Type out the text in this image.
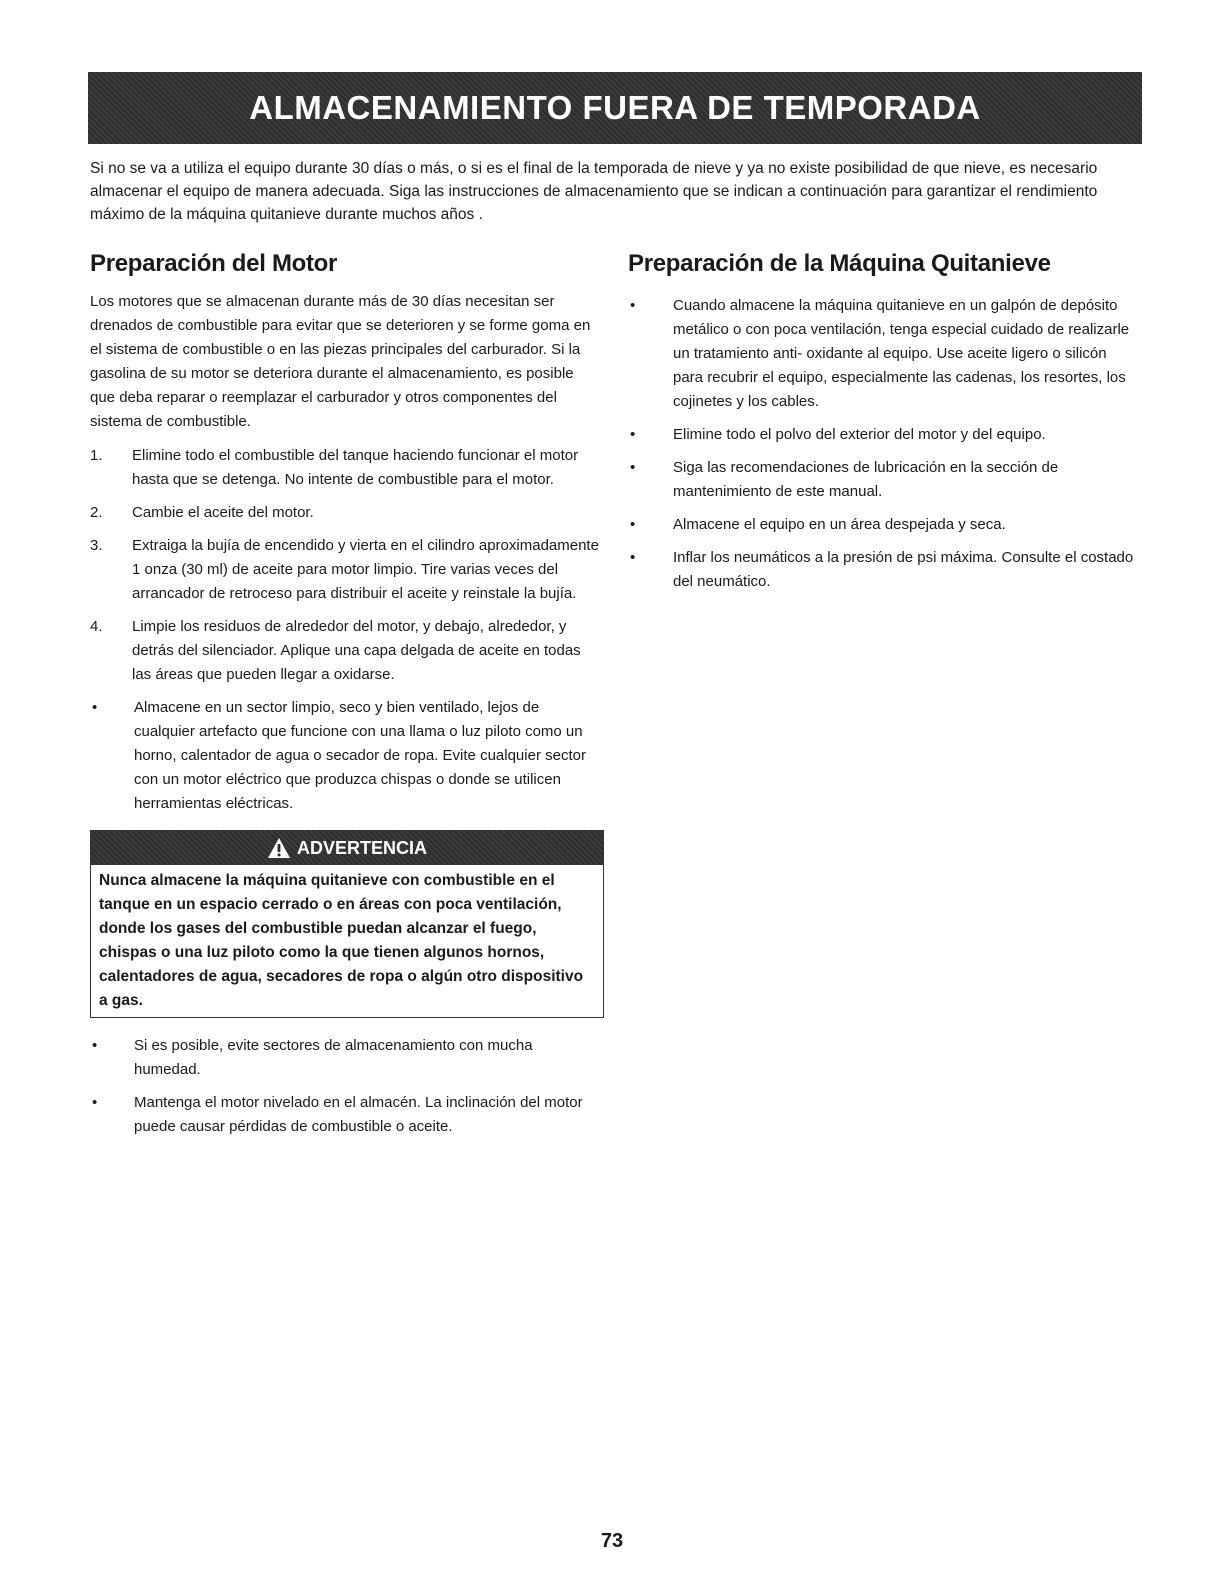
ALMACENAMIENTO FUERA DE TEMPORADA

Si no se va a utiliza el equipo durante 30 días o más, o si es el final de la temporada de nieve y ya no existe posibilidad de que nieve, es necesario almacenar el equipo de manera adecuada. Siga las instrucciones de almacenamiento que se indican a continuación para garantizar el rendimiento máximo de la máquina quitanieve durante muchos años .

Preparación del Motor

Los motores que se almacenan durante más de 30 días necesitan ser drenados de combustible para evitar que se deterioren y se forme goma en el sistema de combustible o en las piezas principales del carburador. Si la gasolina de su motor se deteriora durante el almacenamiento, es posible que deba reparar o reemplazar el carburador y otros componentes del sistema de combustible.

1.	Elimine todo el combustible del tanque haciendo funcionar el motor hasta que se detenga. No intente de combustible para el motor.
2.	Cambie el aceite del motor.
3.	Extraiga la bujía de encendido y vierta en el cilindro aproximadamente 1 onza (30 ml) de aceite para motor limpio. Tire varias veces del arrancador de retroceso para distribuir el aceite y reinstale la bujía.
4.	Limpie los residuos de alrededor del motor, y debajo, alrededor, y detrás del silenciador. Aplique una capa delgada de aceite en todas las áreas que pueden llegar a oxidarse.
•	Almacene en un sector limpio, seco y bien ventilado, lejos de cualquier artefacto que funcione con una llama o luz piloto como un horno, calentador de agua o secador de ropa. Evite cualquier sector con un motor eléctrico que produzca chispas o donde se utilicen herramientas eléctricas.
ADVERTENCIA
Nunca almacene la máquina quitanieve con combustible en el tanque en un espacio cerrado o en áreas con poca ventilación, donde los gases del combustible puedan alcanzar el fuego, chispas o una luz piloto como la que tienen algunos hornos, calentadores de agua, secadores de ropa o algún otro dispositivo a gas.
•	Si es posible, evite sectores de almacenamiento con mucha humedad.
•	Mantenga el motor nivelado en el almacén. La inclinación del motor puede causar pérdidas de combustible o aceite.
Preparación de la Máquina Quitanieve
•	Cuando almacene la máquina quitanieve en un galpón de depósito metálico o con poca ventilación, tenga especial cuidado de realizarle un tratamiento anti- oxidante al equipo. Use aceite ligero o silicón para recubrir el equipo, especialmente las cadenas, los resortes, los cojinetes y los cables.
•	Elimine todo el polvo del exterior del motor y del equipo.
•	Siga las recomendaciones de lubricación en la sección de mantenimiento de este manual.
•	Almacene el equipo en un área despejada y seca.
•	Inflar los neumáticos a la presión de psi máxima. Consulte el costado del neumático.
73
